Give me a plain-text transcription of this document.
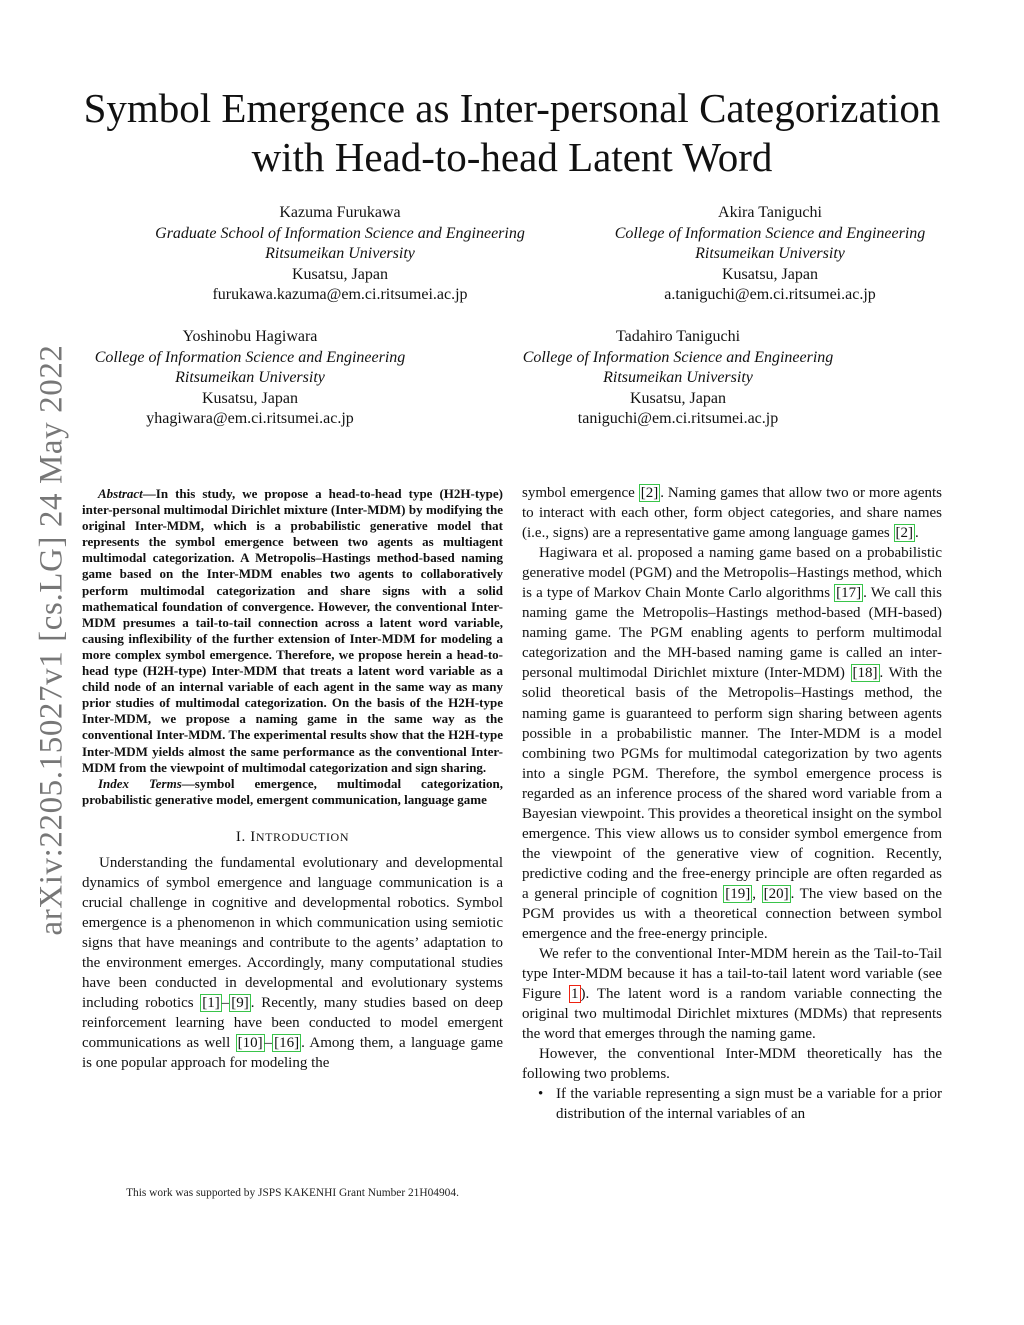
Symbol Emergence as Inter-personal Categorization
with Head-to-head Latent Word
Kazuma Furukawa
Graduate School of Information Science and Engineering
Ritsumeikan University
Kusatsu, Japan
furukawa.kazuma@em.ci.ritsumei.ac.jp
Akira Taniguchi
College of Information Science and Engineering
Ritsumeikan University
Kusatsu, Japan
a.taniguchi@em.ci.ritsumei.ac.jp
Yoshinobu Hagiwara
College of Information Science and Engineering
Ritsumeikan University
Kusatsu, Japan
yhagiwara@em.ci.ritsumei.ac.jp
Tadahiro Taniguchi
College of Information Science and Engineering
Ritsumeikan University
Kusatsu, Japan
taniguchi@em.ci.ritsumei.ac.jp
arXiv:2205.15027v1 [cs.LG] 24 May 2022	Abstract—In this study, we propose a head-to-head type (H2H-type) inter-personal multimodal Dirichlet mixture (Inter-MDM) by modifying the original Inter-MDM, which is a probabilistic generative model that represents the symbol emergence between two agents as multiagent multimodal categorization. A Metropolis–Hastings method-based naming game based on the Inter-MDM enables two agents to collaboratively perform multimodal categorization and share signs with a solid mathematical foundation of convergence. However, the conventional Inter-MDM presumes a tail-to-tail connection across a latent word variable, causing inflexibility of the further extension of Inter-MDM for modeling a more complex symbol emergence. Therefore, we propose herein a head-to-head type (H2H-type) Inter-MDM that treats a latent word variable as a child node of an internal variable of each agent in the same way as many prior studies of multimodal categorization. On the basis of the H2H-type Inter-MDM, we propose a naming game in the same way as the conventional Inter-MDM. The experimental results show that the H2H-type Inter-MDM yields almost the same performance as the conventional Inter-MDM from the viewpoint of multimodal categorization and sign sharing.

Index Terms—symbol emergence, multimodal categorization, probabilistic generative model, emergent communication, language game

I. INTRODUCTION

Understanding the fundamental evolutionary and developmental dynamics of symbol emergence and language communication is a crucial challenge in cognitive and developmental robotics. Symbol emergence is a phenomenon in which communication using semiotic signs that have meanings and contribute to the agents’ adaptation to the environment emerges. Accordingly, many computational studies have been conducted in developmental and evolutionary systems including robotics [1] – [9] . Recently, many studies based on deep reinforcement learning have been conducted to model emergent communications as well [10] – [16] . Among them, a language game is one popular approach for modeling the

This work was supported by JSPS KAKENHI Grant Number 21H04904.

symbol emergence [2] . Naming games that allow two or more agents to interact with each other, form object categories, and share names (i.e., signs) are a representative game among language games [2] .

Hagiwara et al. proposed a naming game based on a probabilistic generative model (PGM) and the Metropolis–Hastings method, which is a type of Markov Chain Monte Carlo algorithms [17] . We call this naming game the Metropolis–Hastings method-based (MH-based) naming game. The PGM enabling agents to perform multimodal categorization and the MH-based naming game is called an inter-personal multimodal Dirichlet mixture (Inter-MDM) [18] . With the solid theoretical basis of the Metropolis–Hastings method, the naming game is guaranteed to perform sign sharing between agents possible in a probabilistic manner. The Inter-MDM is a model combining two PGMs for multimodal categorization by two agents into a single PGM. Therefore, the symbol emergence process is regarded as an inference process of the shared word variable from a Bayesian viewpoint. This provides a theoretical insight on the symbol emergence. This view allows us to consider symbol emergence from the viewpoint of the generative view of cognition. Recently, predictive coding and the free-energy principle are often regarded as a general principle of cognition [19] , [20] . The view based on the PGM provides us with a theoretical connection between symbol emergence and the free-energy principle.

We refer to the conventional Inter-MDM herein as the Tail-to-Tail type Inter-MDM because it has a tail-to-tail latent word variable (see Figure 1 ). The latent word is a random variable connecting the original two multimodal Dirichlet mixtures (MDMs) that represents the word that emerges through the naming game.

However, the conventional Inter-MDM theoretically has the following two problems.

• If the variable representing a sign must be a variable for a prior distribution of the internal variables of an
